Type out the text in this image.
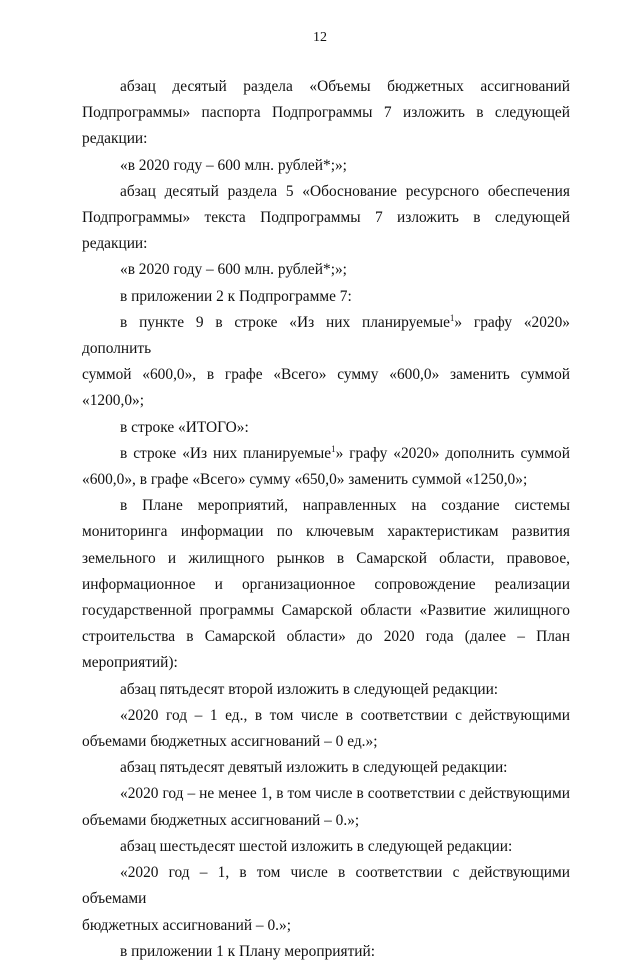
12
абзац десятый раздела «Объемы бюджетных ассигнований
Подпрограммы» паспорта Подпрограммы 7 изложить в следующей
редакции:
«в 2020 году – 600 млн. рублей*;»;
абзац десятый раздела 5 «Обоснование ресурсного обеспечения
Подпрограммы» текста Подпрограммы 7 изложить в следующей редакции:
«в 2020 году – 600 млн. рублей*;»;
в приложении 2 к Подпрограмме 7:
в пункте 9 в строке «Из них планируемые$^1$» графу «2020» дополнить
суммой «600,0», в графе «Всего» сумму «600,0» заменить суммой
«1200,0»;
в строке «ИТОГО»:
в строке «Из них планируемые$^1$» графу «2020» дополнить суммой
«600,0», в графе «Всего» сумму «650,0» заменить суммой «1250,0»;
в Плане мероприятий, направленных на создание системы
мониторинга информации по ключевым характеристикам развития
земельного и жилищного рынков в Самарской области, правовое,
информационное и организационное сопровождение реализации
государственной программы Самарской области «Развитие жилищного
строительства в Самарской области» до 2020 года (далее – План
мероприятий):
абзац пятьдесят второй изложить в следующей редакции:
«2020 год – 1 ед., в том числе в соответствии с действующими
объемами бюджетных ассигнований – 0 ед.»;
абзац пятьдесят девятый изложить в следующей редакции:
«2020 год – не менее 1, в том числе в соответствии с действующими
объемами бюджетных ассигнований – 0.»;
абзац шестьдесят шестой изложить в следующей редакции:
«2020 год – 1, в том числе в соответствии с действующими объемами
бюджетных ассигнований – 0.»;
в приложении 1 к Плану мероприятий:
